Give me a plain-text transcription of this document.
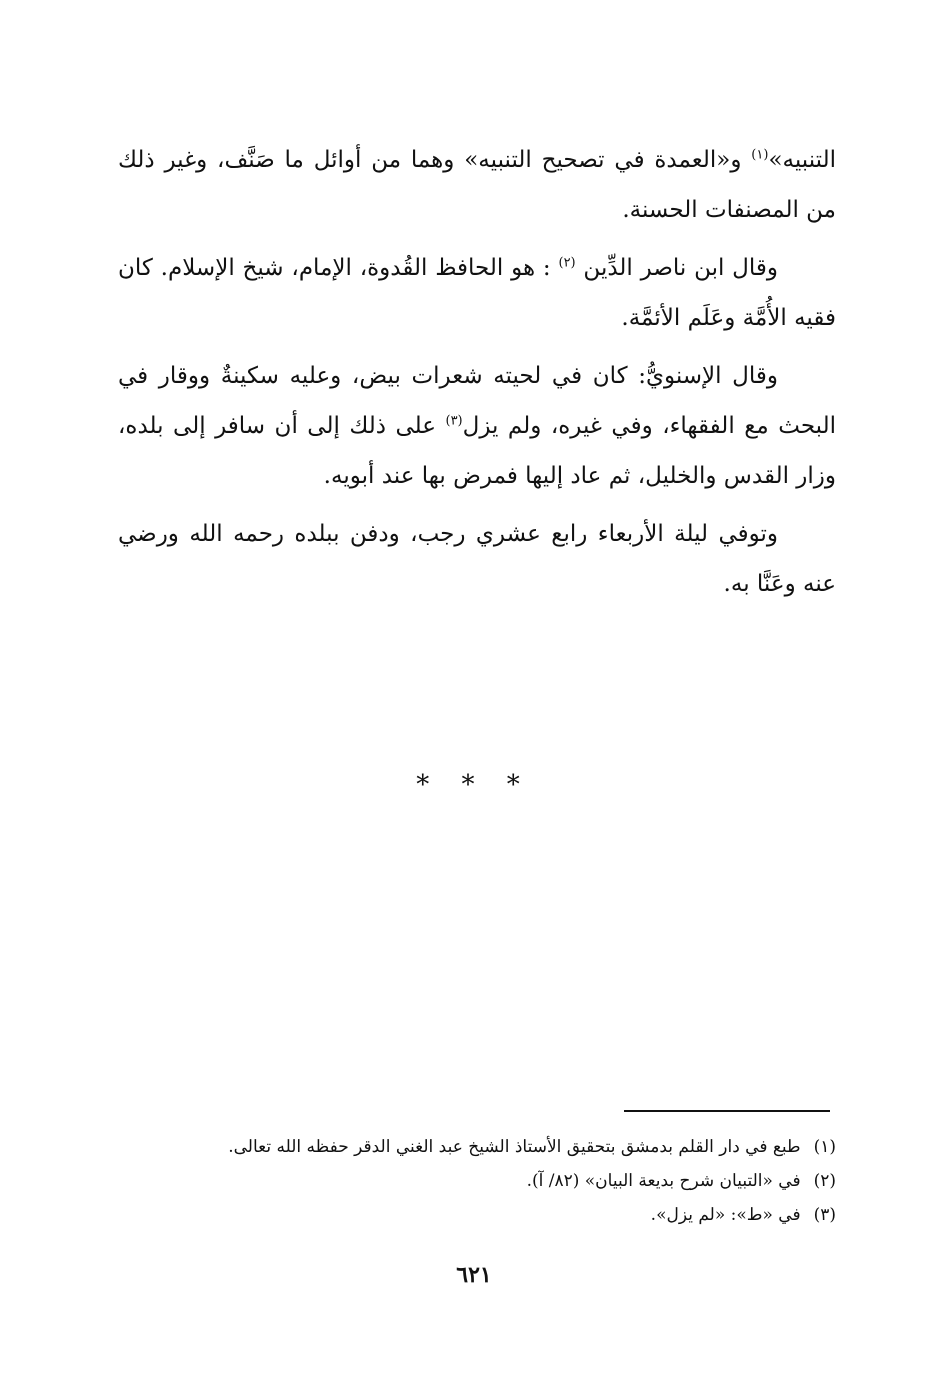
التنبيه»$^{(١)}$ و«العمدة في تصحيح التنبيه» وهما من أوائل ما صَنَّف، وغير ذلك من المصنفات الحسنة.

وقال ابن ناصر الدِّين $^{(٢)}$ : هو الحافظ القُدوة، الإمام، شيخ الإسلام. كان فقيه الأُمَّة وعَلَم الأئمَّة.

وقال الإسنويُّ: كان في لحيته شعرات بيض، وعليه سكينةٌ ووقار في البحث مع الفقهاء، وفي غيره، ولم يزل$^{(٣)}$ على ذلك إلى أن سافر إلى بلده، وزار القدس والخليل، ثم عاد إليها فمرض بها عند أبويه.

وتوفي ليلة الأربعاء رابع عشري رجب، ودفن ببلده رحمه الله ورضي عنه وعَنَّا به.

* * *

(١) طبع في دار القلم بدمشق بتحقيق الأستاذ الشيخ عبد الغني الدقر حفظه الله تعالى.

(٢) في «التبيان شرح بديعة البيان» (٨٢/ آ).

(٣) في «ط»: «لم يزل».

٦٢١
